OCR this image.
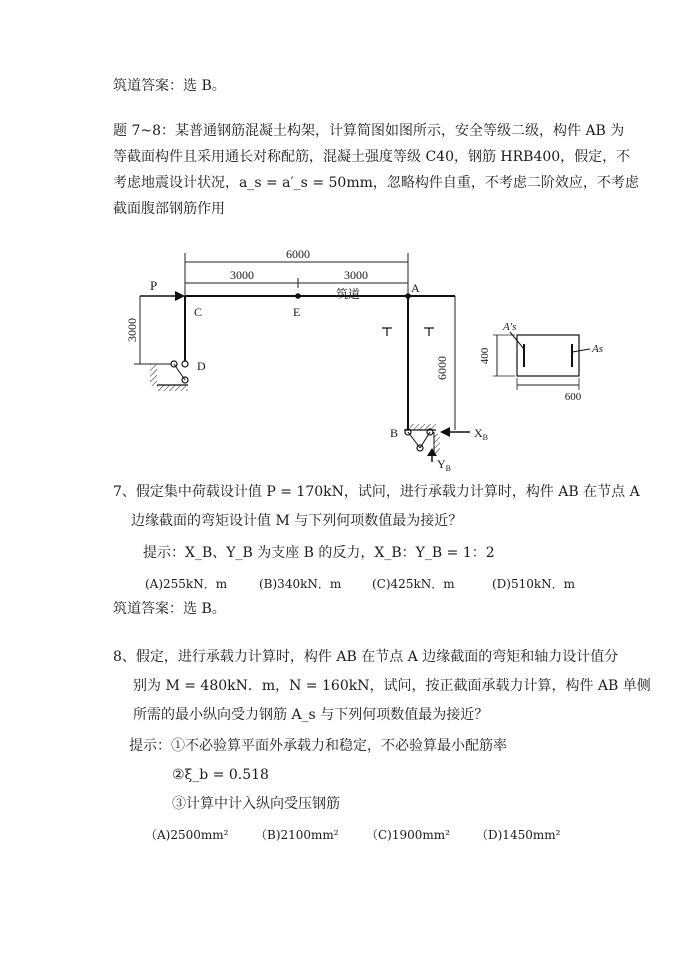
筑道答案：选 B。
题 7~8：某普通钢筋混凝土构架，计算简图如图所示，安全等级二级，构件 AB 为
等截面构件且采用通长对称配筋，混凝土强度等级 C40，钢筋 HRB400，假定，不
考虑地震设计状况，a_s = a′_s = 50mm，忽略构件自重，不考虑二阶效应，不考虑
截面腹部钢筋作用
6000
3000	3000
P
3000
C	E
A
D
筑道
6000
B	$X_B$
$Y_B$
A′s
As
400
600
7、假定集中荷载设计值 P = 170kN，试问，进行承载力计算时，构件 AB 在节点 A
边缘截面的弯矩设计值 M 与下列何项数值最为接近？
提示：X_B、Y_B 为支座 B 的反力，X_B：Y_B = 1：2
(A)255kN．m	(B)340kN．m	(C)425kN．m	(D)510kN．m
筑道答案：选 B。
8、假定，进行承载力计算时，构件 AB 在节点 A 边缘截面的弯矩和轴力设计值分
别为 M = 480kN．m，N = 160kN，试问，按正截面承载力计算，构件 AB 单侧
所需的最小纵向受力钢筋 A_s 与下列何项数值最为接近？
提示：①不必验算平面外承载力和稳定，不必验算最小配筋率
②ξ_b = 0.518
③计算中计入纵向受压钢筋
（A)2500mm² （B)2100mm² （C)1900mm² （D)1450mm²
